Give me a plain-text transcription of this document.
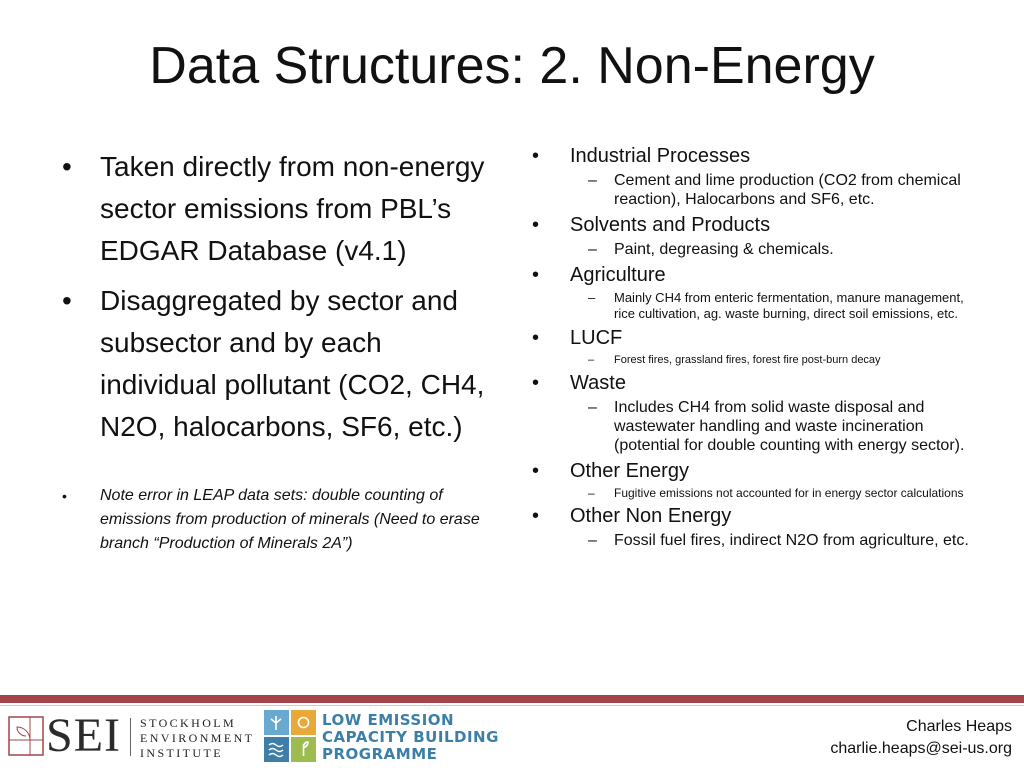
Data Structures: 2. Non-Energy
• Taken directly from non-energy sector emissions from PBL’s EDGAR Database (v4.1)
• Disaggregated by sector and subsector and by each individual pollutant (CO2, CH4, N2O, halocarbons, SF6, etc.)
• Note error in LEAP data sets: double counting of emissions from production of minerals (Need to erase branch “Production of Minerals 2A”)
• Industrial Processes
– Cement and lime production (CO2 from chemical reaction), Halocarbons and SF6, etc.
• Solvents and Products
– Paint, degreasing & chemicals.
• Agriculture
– Mainly CH4 from enteric fermentation, manure management, rice cultivation, ag. waste burning, direct soil emissions, etc.
• LUCF
– Forest fires, grassland fires, forest fire post-burn decay
• Waste
– Includes CH4 from solid waste disposal and wastewater handling and waste incineration (potential for double counting with energy sector).
• Other Energy
– Fugitive emissions not accounted for in energy sector calculations
• Other Non Energy
– Fossil fuel fires, indirect N2O from agriculture, etc.
SEI STOCKHOLM
ENVIRONMENT
INSTITUTE
LOW EMISSION
CAPACITY BUILDING
PROGRAMME
Charles Heaps
charlie.heaps@sei-us.org
